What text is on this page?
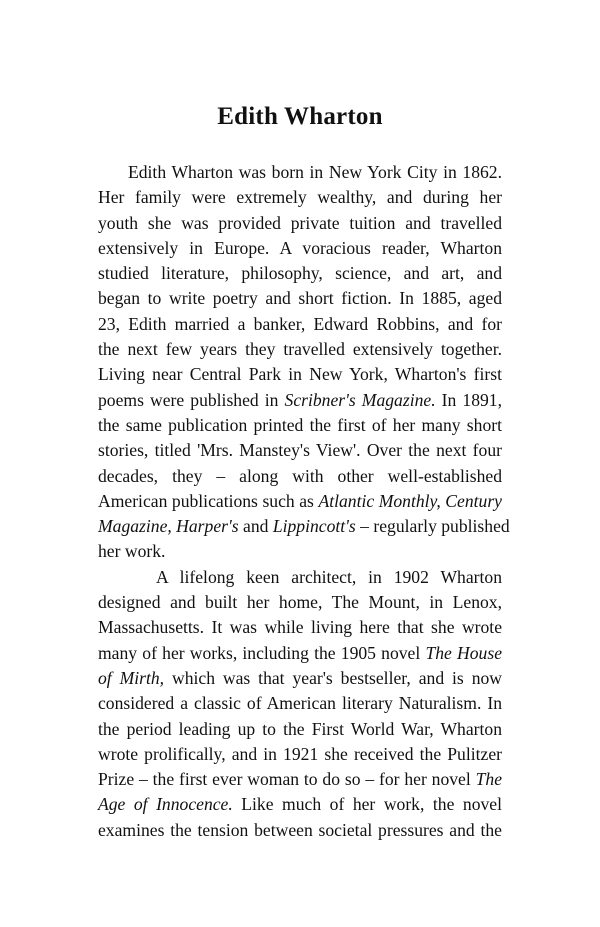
Edith Wharton
Edith Wharton was born in New York City in 1862.
Her family were extremely wealthy, and during her
youth she was provided private tuition and travelled
extensively in Europe. A voracious reader, Wharton
studied literature, philosophy, science, and art, and
began to write poetry and short fiction. In 1885, aged
23, Edith married a banker, Edward Robbins, and for
the next few years they travelled extensively together.
Living near Central Park in New York, Wharton's first
poems were published in Scribner's Magazine. In 1891,
the same publication printed the first of her many short
stories, titled 'Mrs. Manstey's View'. Over the next four
decades, they – along with other well-established
American publications such as Atlantic Monthly, Century
Magazine, Harper's and Lippincott's – regularly published
her work.
A lifelong keen architect, in 1902 Wharton
designed and built her home, The Mount, in Lenox,
Massachusetts. It was while living here that she wrote
many of her works, including the 1905 novel The House
of Mirth, which was that year's bestseller, and is now
considered a classic of American literary Naturalism. In
the period leading up to the First World War, Wharton
wrote prolifically, and in 1921 she received the Pulitzer
Prize – the first ever woman to do so – for her novel The
Age of Innocence. Like much of her work, the novel
examines the tension between societal pressures and the
